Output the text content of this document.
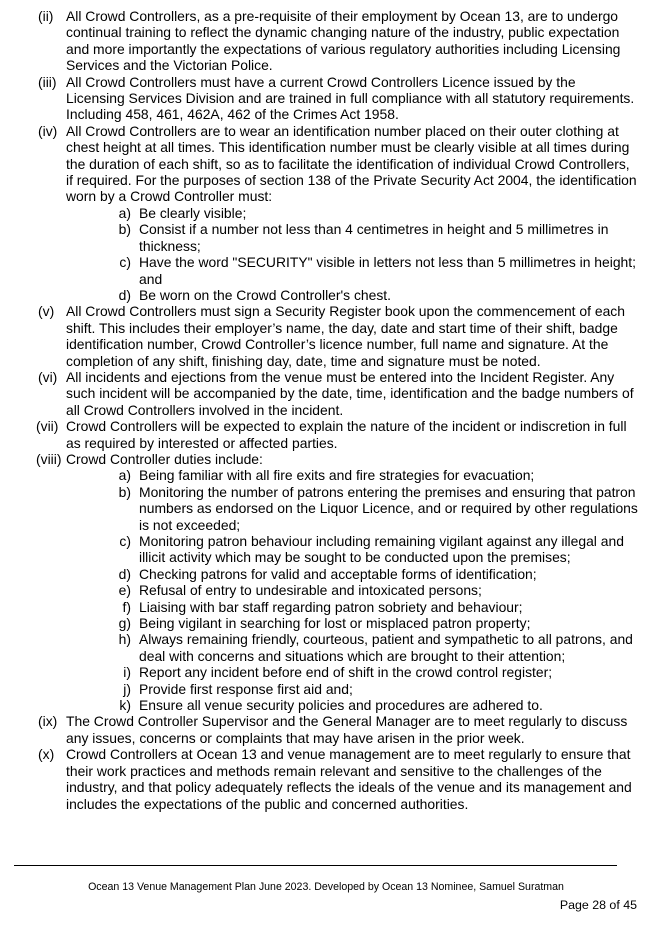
(ii) All Crowd Controllers, as a pre-requisite of their employment by Ocean 13, are to undergo continual training to reflect the dynamic changing nature of the industry, public expectation and more importantly the expectations of various regulatory authorities including Licensing Services and the Victorian Police.
(iii) All Crowd Controllers must have a current Crowd Controllers Licence issued by the Licensing Services Division and are trained in full compliance with all statutory requirements. Including 458, 461, 462A, 462 of the Crimes Act 1958.
(iv) All Crowd Controllers are to wear an identification number placed on their outer clothing at chest height at all times. This identification number must be clearly visible at all times during the duration of each shift, so as to facilitate the identification of individual Crowd Controllers, if required. For the purposes of section 138 of the Private Security Act 2004, the identification worn by a Crowd Controller must:
a) Be clearly visible;
b) Consist if a number not less than 4 centimetres in height and 5 millimetres in thickness;
c) Have the word "SECURITY" visible in letters not less than 5 millimetres in height; and
d) Be worn on the Crowd Controller's chest.
(v) All Crowd Controllers must sign a Security Register book upon the commencement of each shift. This includes their employer’s name, the day, date and start time of their shift, badge identification number, Crowd Controller’s licence number, full name and signature. At the completion of any shift, finishing day, date, time and signature must be noted.
(vi) All incidents and ejections from the venue must be entered into the Incident Register. Any such incident will be accompanied by the date, time, identification and the badge numbers of all Crowd Controllers involved in the incident.
(vii) Crowd Controllers will be expected to explain the nature of the incident or indiscretion in full as required by interested or affected parties.
(viii) Crowd Controller duties include:
a) Being familiar with all fire exits and fire strategies for evacuation;
b) Monitoring the number of patrons entering the premises and ensuring that patron numbers as endorsed on the Liquor Licence, and or required by other regulations is not exceeded;
c) Monitoring patron behaviour including remaining vigilant against any illegal and illicit activity which may be sought to be conducted upon the premises;
d) Checking patrons for valid and acceptable forms of identification;
e) Refusal of entry to undesirable and intoxicated persons;
f) Liaising with bar staff regarding patron sobriety and behaviour;
g) Being vigilant in searching for lost or misplaced patron property;
h) Always remaining friendly, courteous, patient and sympathetic to all patrons, and deal with concerns and situations which are brought to their attention;
i) Report any incident before end of shift in the crowd control register;
j) Provide first response first aid and;
k) Ensure all venue security policies and procedures are adhered to.
(ix) The Crowd Controller Supervisor and the General Manager are to meet regularly to discuss any issues, concerns or complaints that may have arisen in the prior week.
(x) Crowd Controllers at Ocean 13 and venue management are to meet regularly to ensure that their work practices and methods remain relevant and sensitive to the challenges of the industry, and that policy adequately reflects the ideals of the venue and its management and includes the expectations of the public and concerned authorities.
Ocean 13 Venue Management Plan June 2023. Developed by Ocean 13 Nominee, Samuel Suratman
Page 28 of 45
